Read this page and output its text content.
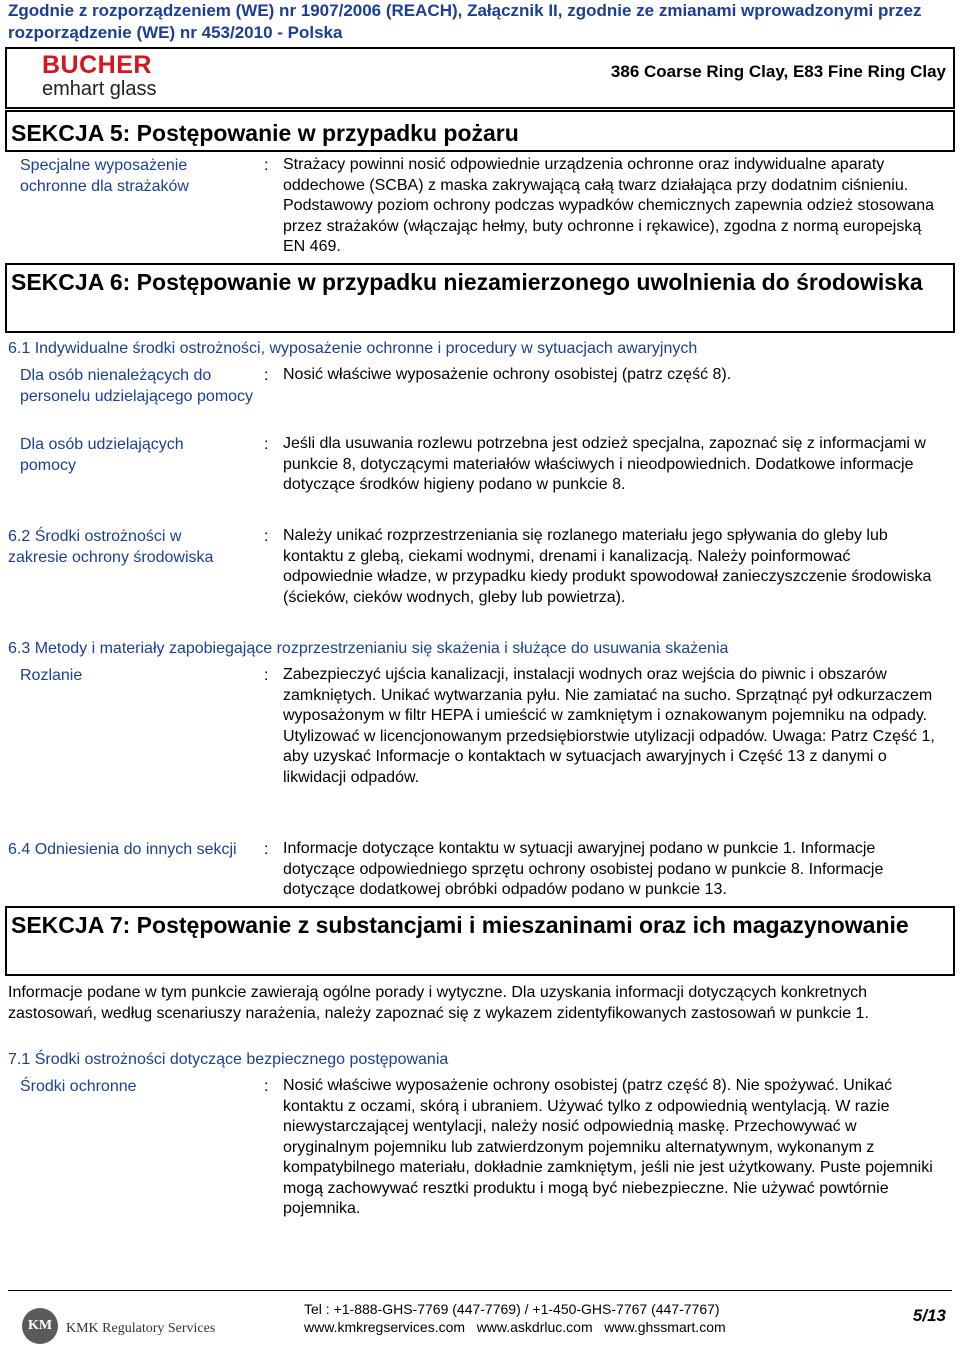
Zgodnie z rozporządzeniem (WE) nr 1907/2006 (REACH), Załącznik II, zgodnie ze zmianami wprowadzonymi przez rozporządzenie (WE) nr 453/2010 - Polska
BUCHER
emhart glass
386 Coarse Ring Clay, E83 Fine Ring Clay
SEKCJA 5: Postępowanie w przypadku pożaru
Specjalne wyposażenie ochronne dla strażaków
: Strażacy powinni nosić odpowiednie urządzenia ochronne oraz indywidualne aparaty oddechowe (SCBA) z maska zakrywającą całą twarz działająca przy dodatnim ciśnieniu. Podstawowy poziom ochrony podczas wypadków chemicznych zapewnia odzież stosowana przez strażaków (włączając hełmy, buty ochronne i rękawice), zgodna z normą europejską EN 469.
SEKCJA 6: Postępowanie w przypadku niezamierzonego uwolnienia do środowiska
6.1 Indywidualne środki ostrożności, wyposażenie ochronne i procedury w sytuacjach awaryjnych
Dla osób nienależących do personelu udzielającego pomocy
: Nosić właściwe wyposażenie ochrony osobistej (patrz część 8).
Dla osób udzielających pomocy
: Jeśli dla usuwania rozlewu potrzebna jest odzież specjalna, zapoznać się z informacjami w punkcie 8, dotyczącymi materiałów właściwych i nieodpowiednich. Dodatkowe informacje dotyczące środków higieny podano w punkcie 8.
6.2 Środki ostrożności w zakresie ochrony środowiska
: Należy unikać rozprzestrzeniania się rozlanego materiału jego spływania do gleby lub kontaktu z glebą, ciekami wodnymi, drenami i kanalizacją. Należy poinformować odpowiednie władze, w przypadku kiedy produkt spowodował zanieczyszczenie środowiska (ścieków, cieków wodnych, gleby lub powietrza).
6.3 Metody i materiały zapobiegające rozprzestrzenianiu się skażenia i służące do usuwania skażenia
Rozlanie	: Zabezpieczyć ujścia kanalizacji, instalacji wodnych oraz wejścia do piwnic i obszarów zamkniętych. Unikać wytwarzania pyłu. Nie zamiatać na sucho. Sprzątnąć pył odkurzaczem wyposażonym w filtr HEPA i umieścić w zamkniętym i oznakowanym pojemniku na odpady. Utylizować w licencjonowanym przedsiębiorstwie utylizacji odpadów. Uwaga: Patrz Część 1, aby uzyskać Informacje o kontaktach w sytuacjach awaryjnych i Część 13 z danymi o likwidacji odpadów.
6.4 Odniesienia do innych sekcji : Informacje dotyczące kontaktu w sytuacji awaryjnej podano w punkcie 1. Informacje dotyczące odpowiedniego sprzętu ochrony osobistej podano w punkcie 8. Informacje dotyczące dodatkowej obróbki odpadów podano w punkcie 13.
SEKCJA 7: Postępowanie z substancjami i mieszaninami oraz ich magazynowanie
Informacje podane w tym punkcie zawierają ogólne porady i wytyczne. Dla uzyskania informacji dotyczących konkretnych zastosowań, według scenariuszy narażenia, należy zapoznać się z wykazem zidentyfikowanych zastosowań w punkcie 1.
7.1 Środki ostrożności dotyczące bezpiecznego postępowania
Środki ochronne	: Nosić właściwe wyposażenie ochrony osobistej (patrz część 8). Nie spożywać. Unikać kontaktu z oczami, skórą i ubraniem. Używać tylko z odpowiednią wentylacją. W razie niewystarczającej wentylacji, należy nosić odpowiednią maskę. Przechowywać w oryginalnym pojemniku lub zatwierdzonym pojemniku alternatywnym, wykonanym z kompatybilnego materiału, dokładnie zamkniętym, jeśli nie jest użytkowany. Puste pojemniki mogą zachowywać resztki produktu i mogą być niebezpieczne. Nie używać powtórnie pojemnika.
KM KMK Regulatory Services
Tel : +1-888-GHS-7769 (447-7769) / +1-450-GHS-7767 (447-7767)
www.kmkregservices.com   www.askdrluc.com   www.ghssmart.com
5/13
